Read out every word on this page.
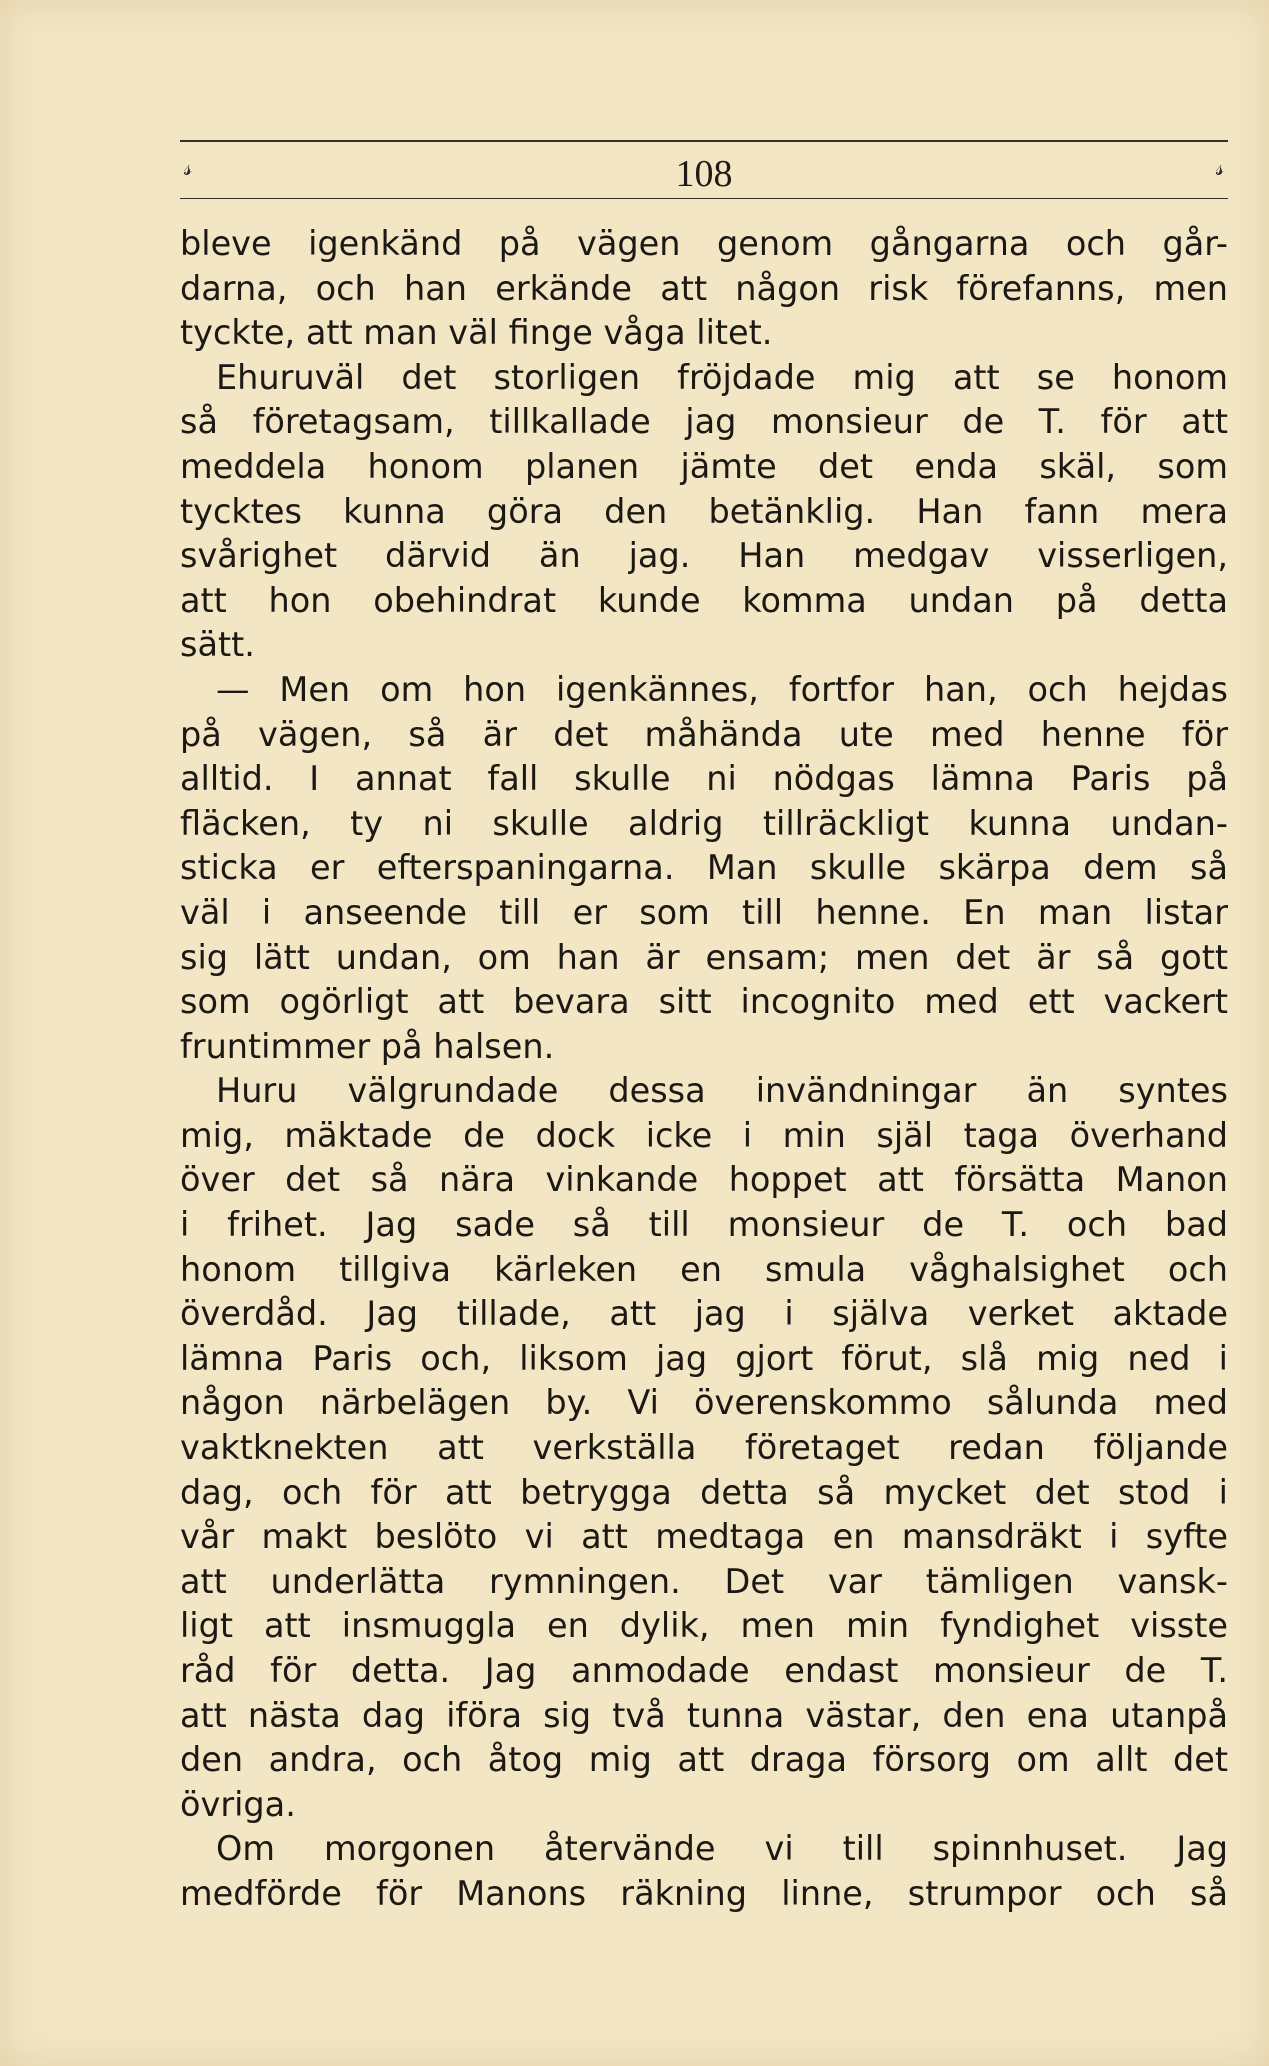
𝓈	108	𝓈
bleve igenkänd på vägen genom gångarna och går-
darna, och han erkände att någon risk förefanns, men
tyckte, att man väl finge våga litet.
Ehuruväl det storligen fröjdade mig att se honom
så företagsam, tillkallade jag monsieur de T. för att
meddela honom planen jämte det enda skäl, som
tycktes kunna göra den betänklig. Han fann mera
svårighet därvid än jag. Han medgav visserligen,
att hon obehindrat kunde komma undan på detta
sätt.
— Men om hon igenkännes, fortfor han, och hejdas
på vägen, så är det måhända ute med henne för
alltid. I annat fall skulle ni nödgas lämna Paris på
fläcken, ty ni skulle aldrig tillräckligt kunna undan-
sticka er efterspaningarna. Man skulle skärpa dem så
väl i anseende till er som till henne. En man listar
sig lätt undan, om han är ensam; men det är så gott
som ogörligt att bevara sitt incognito med ett vackert
fruntimmer på halsen.
Huru välgrundade dessa invändningar än syntes
mig, mäktade de dock icke i min själ taga överhand
över det så nära vinkande hoppet att försätta Manon
i frihet. Jag sade så till monsieur de T. och bad
honom tillgiva kärleken en smula våghalsighet och
överdåd. Jag tillade, att jag i själva verket aktade
lämna Paris och, liksom jag gjort förut, slå mig ned i
någon närbelägen by. Vi överenskommo sålunda med
vaktknekten att verkställa företaget redan följande
dag, och för att betrygga detta så mycket det stod i
vår makt beslöto vi att medtaga en mansdräkt i syfte
att underlätta rymningen. Det var tämligen vansk-
ligt att insmuggla en dylik, men min fyndighet visste
råd för detta. Jag anmodade endast monsieur de T.
att nästa dag iföra sig två tunna västar, den ena utanpå
den andra, och åtog mig att draga försorg om allt det
övriga.
Om morgonen återvände vi till spinnhuset. Jag
medförde för Manons räkning linne, strumpor och så
